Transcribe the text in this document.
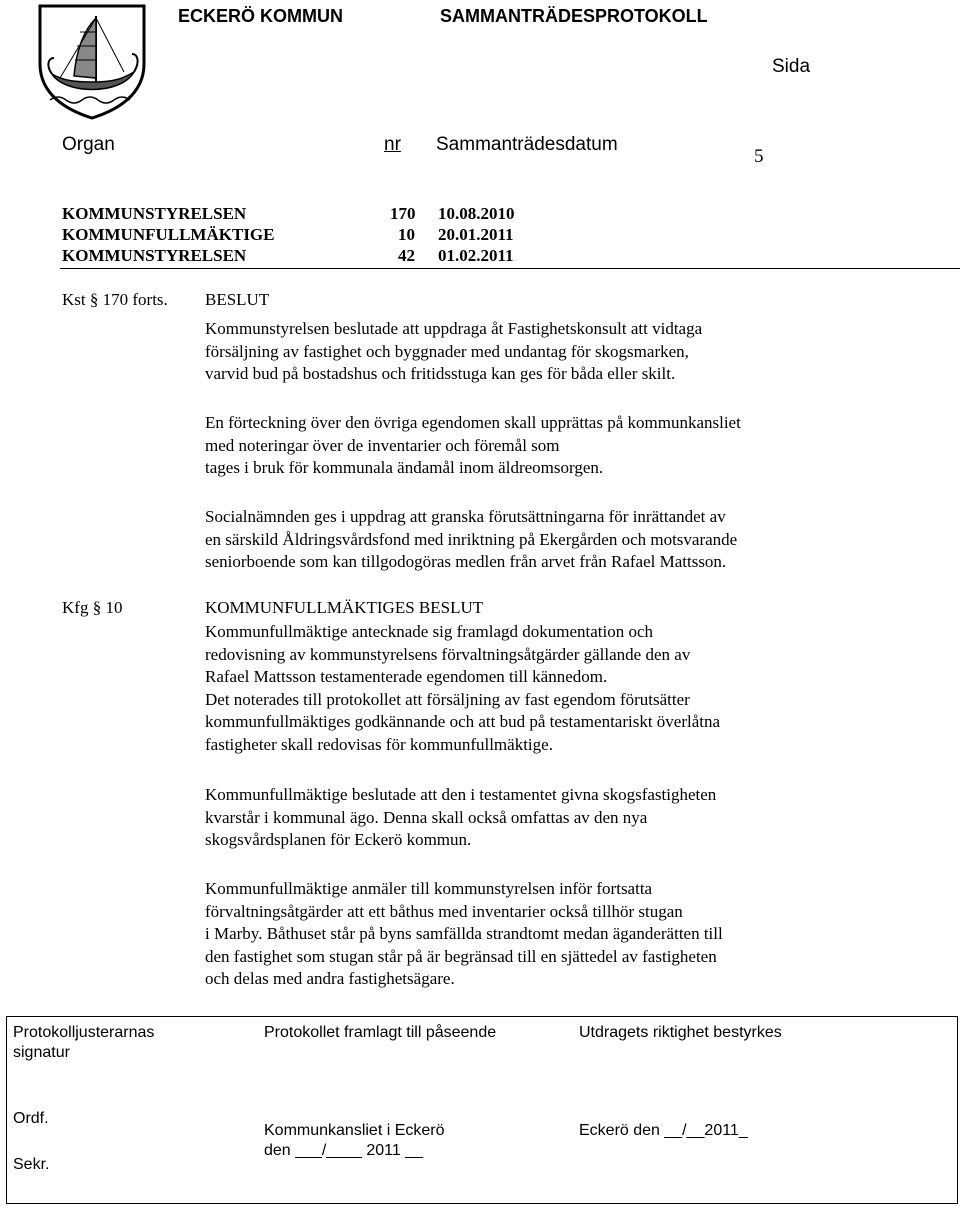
ECKERÖ KOMMUN	SAMMANTRÄDESPROTOKOLL
Sida
Organ	nr Sammanträdesdatum
5
KOMMUNSTYRELSEN	170 10.08.2010
KOMMUNFULLMÄKTIGE	10 20.01.2011
KOMMUNSTYRELSEN	42 01.02.2011
Kst § 170 forts. BESLUT
Kommunstyrelsen beslutade att uppdraga åt Fastighetskonsult att vidtaga
försäljning av fastighet och byggnader med undantag för skogsmarken,
varvid bud på bostadshus och fritidsstuga kan ges för båda eller skilt.
En förteckning över den övriga egendomen skall upprättas på kommunkansliet
med noteringar över de inventarier och föremål som
tages i bruk för kommunala ändamål inom äldreomsorgen.
Socialnämnden ges i uppdrag att granska förutsättningarna för inrättandet av
en särskild Åldringsvårdsfond med inriktning på Ekergården och motsvarande
seniorboende som kan tillgodogöras medlen från arvet från Rafael Mattsson.
Kfg § 10	KOMMUNFULLMÄKTIGES BESLUT
Kommunfullmäktige antecknade sig framlagd dokumentation och
redovisning av kommunstyrelsens förvaltningsåtgärder gällande den av
Rafael Mattsson testamenterade egendomen till kännedom.
Det noterades till protokollet att försäljning av fast egendom förutsätter
kommunfullmäktiges godkännande och att bud på testamentariskt överlåtna
fastigheter skall redovisas för kommunfullmäktige.
Kommunfullmäktige beslutade att den i testamentet givna skogsfastigheten
kvarstår i kommunal ägo. Denna skall också omfattas av den nya
skogsvårdsplanen för Eckerö kommun.
Kommunfullmäktige anmäler till kommunstyrelsen inför fortsatta
förvaltningsåtgärder att ett båthus med inventarier också tillhör stugan
i Marby. Båthuset står på byns samfällda strandtomt medan äganderätten till
den fastighet som stugan står på är begränsad till en sjättedel av fastigheten
och delas med andra fastighetsägare.
Protokolljusterarnas
signatur
Ordf.
Sekr.
Protokollet framlagt till påseende
Kommunkansliet i Eckerö
den ___/____ 2011 __
Utdragets riktighet bestyrkes
Eckerö den __/__2011_
